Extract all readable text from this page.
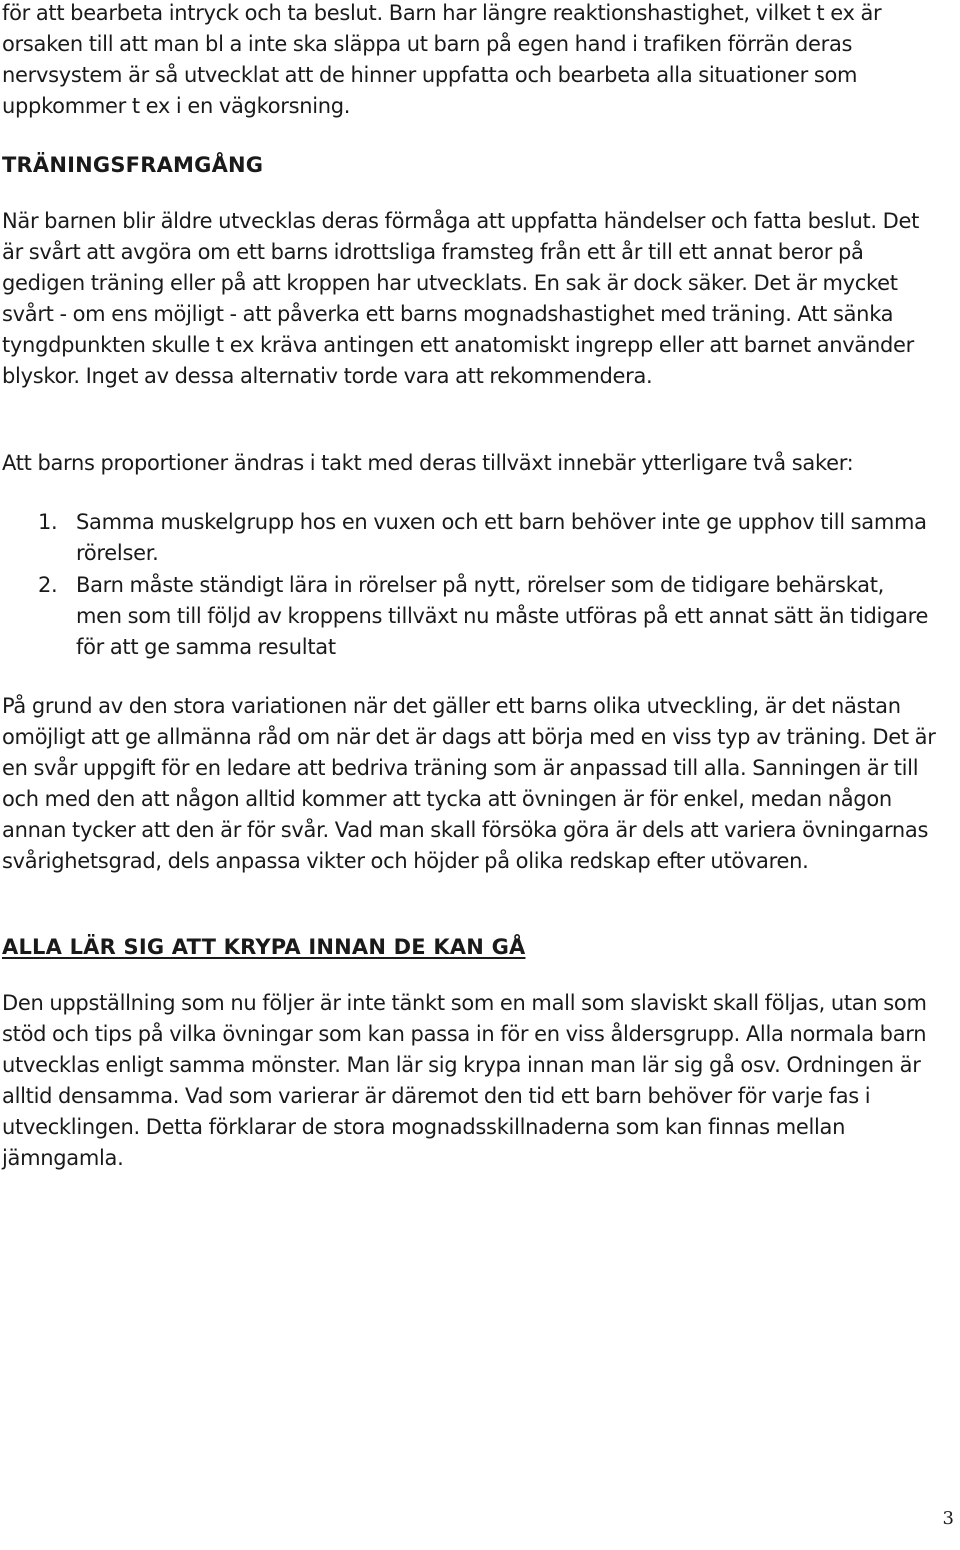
för att bearbeta intryck och ta beslut. Barn har längre reaktionshastighet, vilket t ex är orsaken till att man bl a inte ska släppa ut barn på egen hand i trafiken förrän deras nervsystem är så utvecklat att de hinner uppfatta och bearbeta alla situationer som uppkommer t ex i en vägkorsning.

TRÄNINGSFRAMGÅNG

När barnen blir äldre utvecklas deras förmåga att uppfatta händelser och fatta beslut. Det är svårt att avgöra om ett barns idrottsliga framsteg från ett år till ett annat beror på gedigen träning eller på att kroppen har utvecklats. En sak är dock säker. Det är mycket svårt - om ens möjligt - att påverka ett barns mognadshastighet med träning. Att sänka tyngdpunkten skulle t ex kräva antingen ett anatomiskt ingrepp eller att barnet använder blyskor. Inget av dessa alternativ torde vara att rekommendera.

Att barns proportioner ändras i takt med deras tillväxt innebär ytterligare två saker:

1. Samma muskelgrupp hos en vuxen och ett barn behöver inte ge upphov till samma rörelser.
2. Barn måste ständigt lära in rörelser på nytt, rörelser som de tidigare behärskat, men som till följd av kroppens tillväxt nu måste utföras på ett annat sätt än tidigare för att ge samma resultat

På grund av den stora variationen när det gäller ett barns olika utveckling, är det nästan omöjligt att ge allmänna råd om när det är dags att börja med en viss typ av träning. Det är en svår uppgift för en ledare att bedriva träning som är anpassad till alla. Sanningen är till och med den att någon alltid kommer att tycka att övningen är för enkel, medan någon annan tycker att den är för svår. Vad man skall försöka göra är dels att variera övningarnas svårighetsgrad, dels anpassa vikter och höjder på olika redskap efter utövaren.

ALLA LÄR SIG ATT KRYPA INNAN DE KAN GÅ

Den uppställning som nu följer är inte tänkt som en mall som slaviskt skall följas, utan som stöd och tips på vilka övningar som kan passa in för en viss åldersgrupp. Alla normala barn utvecklas enligt samma mönster. Man lär sig krypa innan man lär sig gå osv. Ordningen är alltid densamma. Vad som varierar är däremot den tid ett barn behöver för varje fas i utvecklingen. Detta förklarar de stora mognadsskillnaderna som kan finnas mellan jämngamla.

3
